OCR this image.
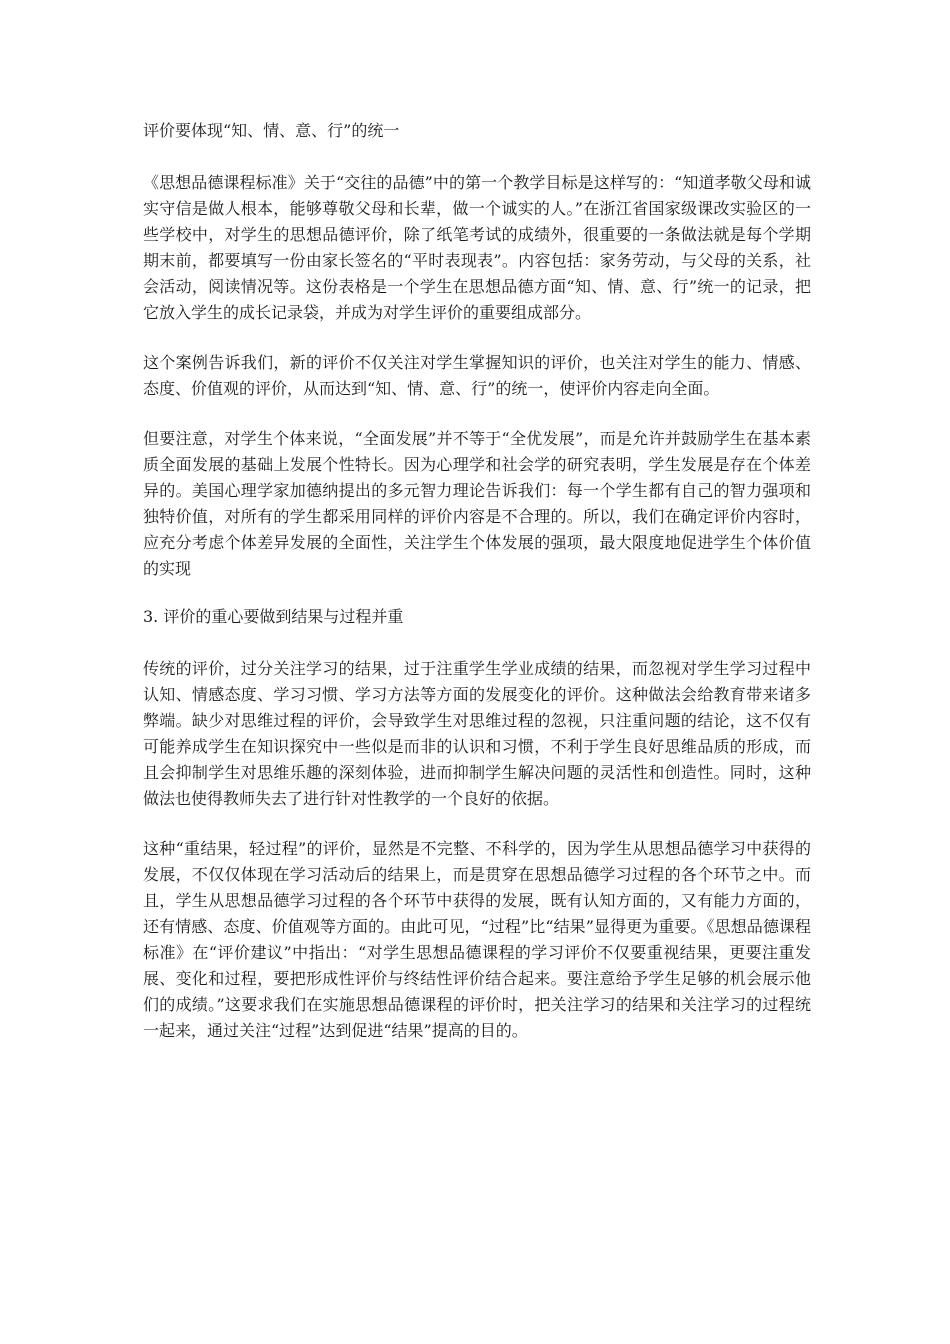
评价要体现“知、情、意、行”的统一

《思想品德课程标准》关于“交往的品德”中的第一个教学目标是这样写的：“知道孝敬父母和诚实守信是做人根本，能够尊敬父母和长辈，做一个诚实的人。”在浙江省国家级课改实验区的一些学校中，对学生的思想品德评价，除了纸笔考试的成绩外，很重要的一条做法就是每个学期期末前，都要填写一份由家长签名的“平时表现表”。内容包括：家务劳动，与父母的关系，社会活动，阅读情况等。这份表格是一个学生在思想品德方面“知、情、意、行”统一的记录，把它放入学生的成长记录袋，并成为对学生评价的重要组成部分。

这个案例告诉我们，新的评价不仅关注对学生掌握知识的评价，也关注对学生的能力、情感、态度、价值观的评价，从而达到“知、情、意、行”的统一，使评价内容走向全面。

但要注意，对学生个体来说，“全面发展”并不等于“全优发展”，而是允许并鼓励学生在基本素质全面发展的基础上发展个性特长。因为心理学和社会学的研究表明，学生发展是存在个体差异的。美国心理学家加德纳提出的多元智力理论告诉我们：每一个学生都有自己的智力强项和独特价值，对所有的学生都采用同样的评价内容是不合理的。所以，我们在确定评价内容时，应充分考虑个体差异发展的全面性，关注学生个体发展的强项，最大限度地促进学生个体价值的实现

3. 评价的重心要做到结果与过程并重

传统的评价，过分关注学习的结果，过于注重学生学业成绩的结果，而忽视对学生学习过程中认知、情感态度、学习习惯、学习方法等方面的发展变化的评价。这种做法会给教育带来诸多弊端。缺少对思维过程的评价，会导致学生对思维过程的忽视，只注重问题的结论，这不仅有可能养成学生在知识探究中一些似是而非的认识和习惯，不利于学生良好思维品质的形成，而且会抑制学生对思维乐趣的深刻体验，进而抑制学生解决问题的灵活性和创造性。同时，这种做法也使得教师失去了进行针对性教学的一个良好的依据。

这种“重结果，轻过程”的评价，显然是不完整、不科学的，因为学生从思想品德学习中获得的发展，不仅仅体现在学习活动后的结果上，而是贯穿在思想品德学习过程的各个环节之中。而且，学生从思想品德学习过程的各个环节中获得的发展，既有认知方面的，又有能力方面的，还有情感、态度、价值观等方面的。由此可见，“过程”比“结果”显得更为重要。《思想品德课程标准》在“评价建议”中指出：“对学生思想品德课程的学习评价不仅要重视结果，更要注重发展、变化和过程，要把形成性评价与终结性评价结合起来。要注意给予学生足够的机会展示他们的成绩。”这要求我们在实施思想品德课程的评价时，把关注学习的结果和关注学习的过程统一起来，通过关注“过程”达到促进“结果”提高的目的。
